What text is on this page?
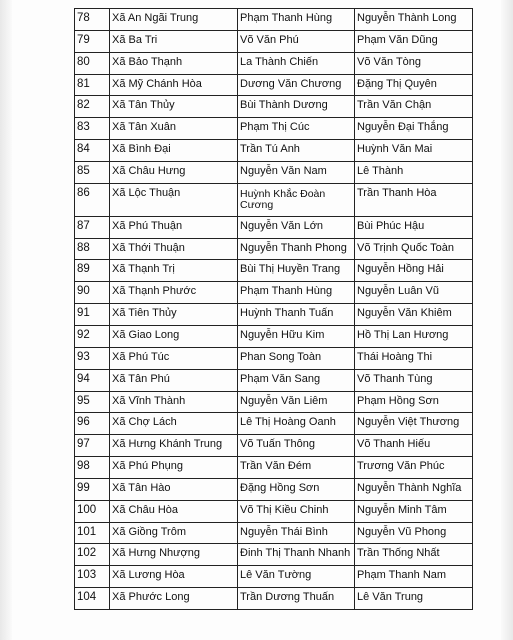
78	Xã An Ngãi Trung	Phạm Thanh Hùng	Nguyễn Thành Long
79	Xã Ba Tri	Võ Văn Phú	Phạm Văn Dũng
80	Xã Bảo Thạnh	La Thành Chiến	Võ Văn Tòng
81	Xã Mỹ Chánh Hòa	Dương Văn Chương	Đặng Thị Quyên
82	Xã Tân Thủy	Bùi Thành Dương	Trần Văn Chận
83	Xã Tân Xuân	Phạm Thị Cúc	Nguyễn Đại Thắng
84	Xã Bình Đại	Trần Tú Anh	Huỳnh Văn Mai
85	Xã Châu Hưng	Nguyễn Văn Nam	Lê Thành
86	Xã Lộc Thuận	Huỳnh Khắc Đoàn Cương	Trần Thanh Hòa
87	Xã Phú Thuận	Nguyễn Văn Lớn	Bùi Phúc Hậu
88	Xã Thới Thuận	Nguyễn Thanh Phong	Võ Trịnh Quốc Toàn
89	Xã Thạnh Trị	Bùi Thị Huyền Trang	Nguyễn Hồng Hải
90	Xã Thạnh Phước	Phạm Thanh Hùng	Nguyễn Luân Vũ
91	Xã Tiên Thủy	Huỳnh Thanh Tuấn	Nguyễn Văn Khiêm
92	Xã Giao Long	Nguyễn Hữu Kim	Hồ Thị Lan Hương
93	Xã Phú Túc	Phan Song Toàn	Thái Hoàng Thi
94	Xã Tân Phú	Phạm Văn Sang	Võ Thanh Tùng
95	Xã Vĩnh Thành	Nguyễn Văn Liêm	Phạm Hồng Sơn
96	Xã Chợ Lách	Lê Thị Hoàng Oanh	Nguyễn Việt Thương
97	Xã Hưng Khánh Trung	Võ Tuấn Thông	Võ Thanh Hiếu
98	Xã Phú Phụng	Trần Văn Đém	Trương Văn Phúc
99	Xã Tân Hào	Đặng Hồng Sơn	Nguyễn Thành Nghĩa
100	Xã Châu Hòa	Võ Thị Kiều Chinh	Nguyễn Minh Tâm
101	Xã Giồng Trôm	Nguyễn Thái Bình	Nguyễn Vũ Phong
102	Xã Hưng Nhượng	Đinh Thị Thanh Nhanh	Trần Thống Nhất
103	Xã Lương Hòa	Lê Văn Tường	Phạm Thanh Nam
104	Xã Phước Long	Trần Dương Thuấn	Lê Văn Trung
